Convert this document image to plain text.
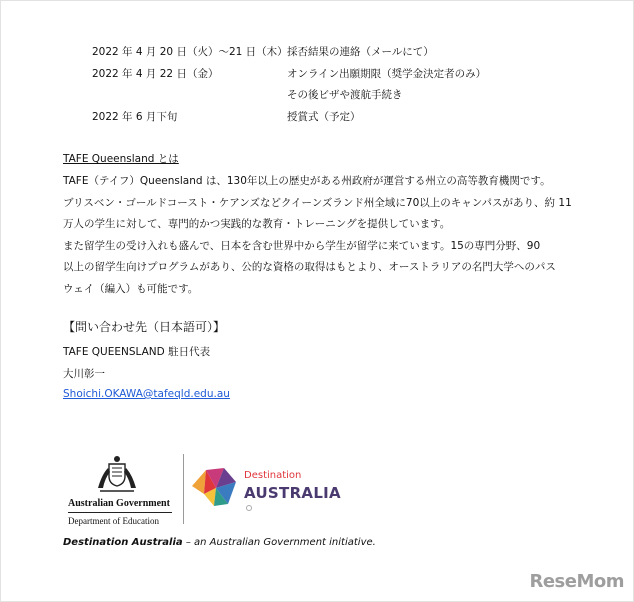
2022 年 4 月 20 日（火）～21 日（木） 採否結果の連絡（メールにて）
2022 年 4 月 22 日（金）	オンライン出願期限（奨学金決定者のみ）
その後ビザや渡航手続き
2022 年 6 月下旬	授賞式（予定）
TAFE Queensland とは
TAFE（テイフ）Queensland は、130年以上の歴史がある州政府が運営する州立の高等教育機関です。
ブリスベン・ゴールドコースト・ケアンズなどクイーンズランド州全域に70以上のキャンパスがあり、約 11
万人の学生に対して、専門的かつ実践的な教育・トレーニングを提供しています。
また留学生の受け入れも盛んで、日本を含む世界中から学生が留学に来ています。15の専門分野、90
以上の留学生向けプログラムがあり、公的な資格の取得はもとより、オーストラリアの名門大学へのパス
ウェイ（編入）も可能です。
【問い合わせ先（日本語可）】
TAFE QUEENSLAND 駐日代表
大川彰一
Shoichi.OKAWA@tafeqld.edu.au
Australian Government
Department of Education
Destination
AUSTRALIA
Destination Australia – an Australian Government initiative.
ReseMom
